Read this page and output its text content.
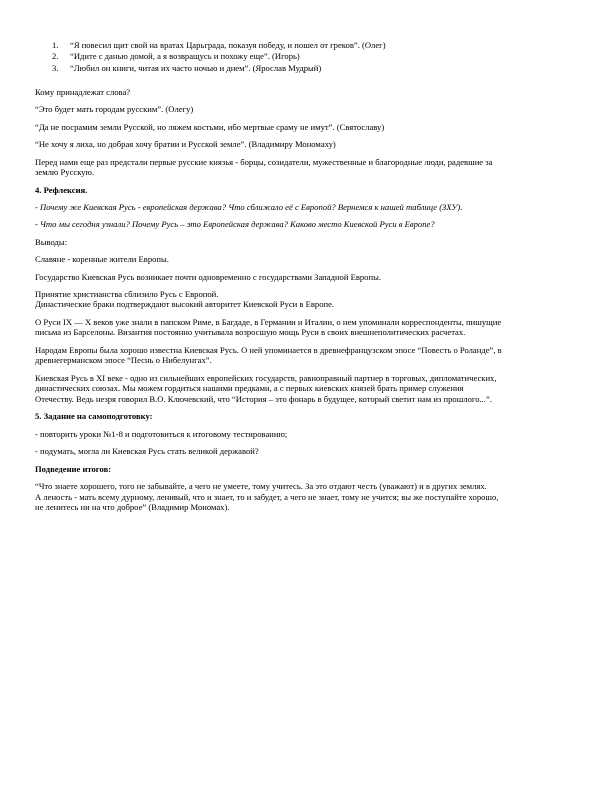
1.	“Я повесил щит свой на вратах Царьграда, показуя победу, и пошел от греков”. (Олег)
2.	“Идите с данью домой, а я возвращусь и похожу еще”. (Игорь)
3.	“Любил он книги, читая их часто ночью и днем”. (Ярослав Мудрый)

Кому принадлежат слова?

“Это будет мать городам русским”. (Олегу)

“Да не посрамим земли Русской, но ляжем костьми, ибо мертвые сраму не имут”. (Святославу)

“Не хочу я лиха, но добрая хочу братии и Русской земле”. (Владимиру Мономаху)

Перед нами еще раз предстали первые русские князья - борцы, созидатели, мужественные и благородные люди, радевшие за
землю Русскую.

4. Рефлексия.

- Почему же Киевская Русь - европейская держава? Что сближало её с Европой? Вернемся к нашей таблице (ЗХУ).

- Что мы сегодня узнали? Почему Русь – это Европейская держава? Каково место Киевской Руси в Европе?

Выводы:

Славяне - коренные жители Европы.

Государство Киевская Русь возникает почти одновременно с государствами Западной Европы.

Принятие христианства сблизило Русь с Европой.
Династические браки подтверждают высокий авторитет Киевской Руси в Европе.

О Руси IX — X веков уже знали в папском Риме, в Багдаде, в Германии и Италии, о нем упоминали корреспонденты, пишущие
письма из Барселоны. Византия постоянно учитывала возросшую мощь Руси в своих внешнеполитических расчетах.

Народам Европы была хорошо известна Киевская Русь. О ней упоминается в древнефранцузском эпосе “Повесть о Роланде”, в
древнегерманском эпосе “Песнь о Нибелунгах”.

Киевская Русь в XI веке - одно из сильнейших европейских государств, равноправный партнер в торговых, дипломатических,
династических союзах. Мы можем гордиться нашими предками, а с первых киевских князей брать пример служения
Отечеству. Ведь незря говорил В.О. Ключевский, что “История – это фонарь в будущее, который светит нам из прошлого...”.

5. Задание на самоподготовку:

- повторить уроки №1-8 и подготовиться к итоговому тестированию;

- подумать, могла ли Киевская Русь стать великой державой?

Подведение итогов:

“Что знаете хорошего, того не забывайте, а чего не умеете, тому учитесь. За это отдают честь (уважают) и в других землях.
А леность - мать всему дурному, ленивый, что и знает, то и забудет, а чего не знает, тому не учится; вы же поступайте хорошо,
не ленитесь ни на что доброе” (Владимир Мономах).
